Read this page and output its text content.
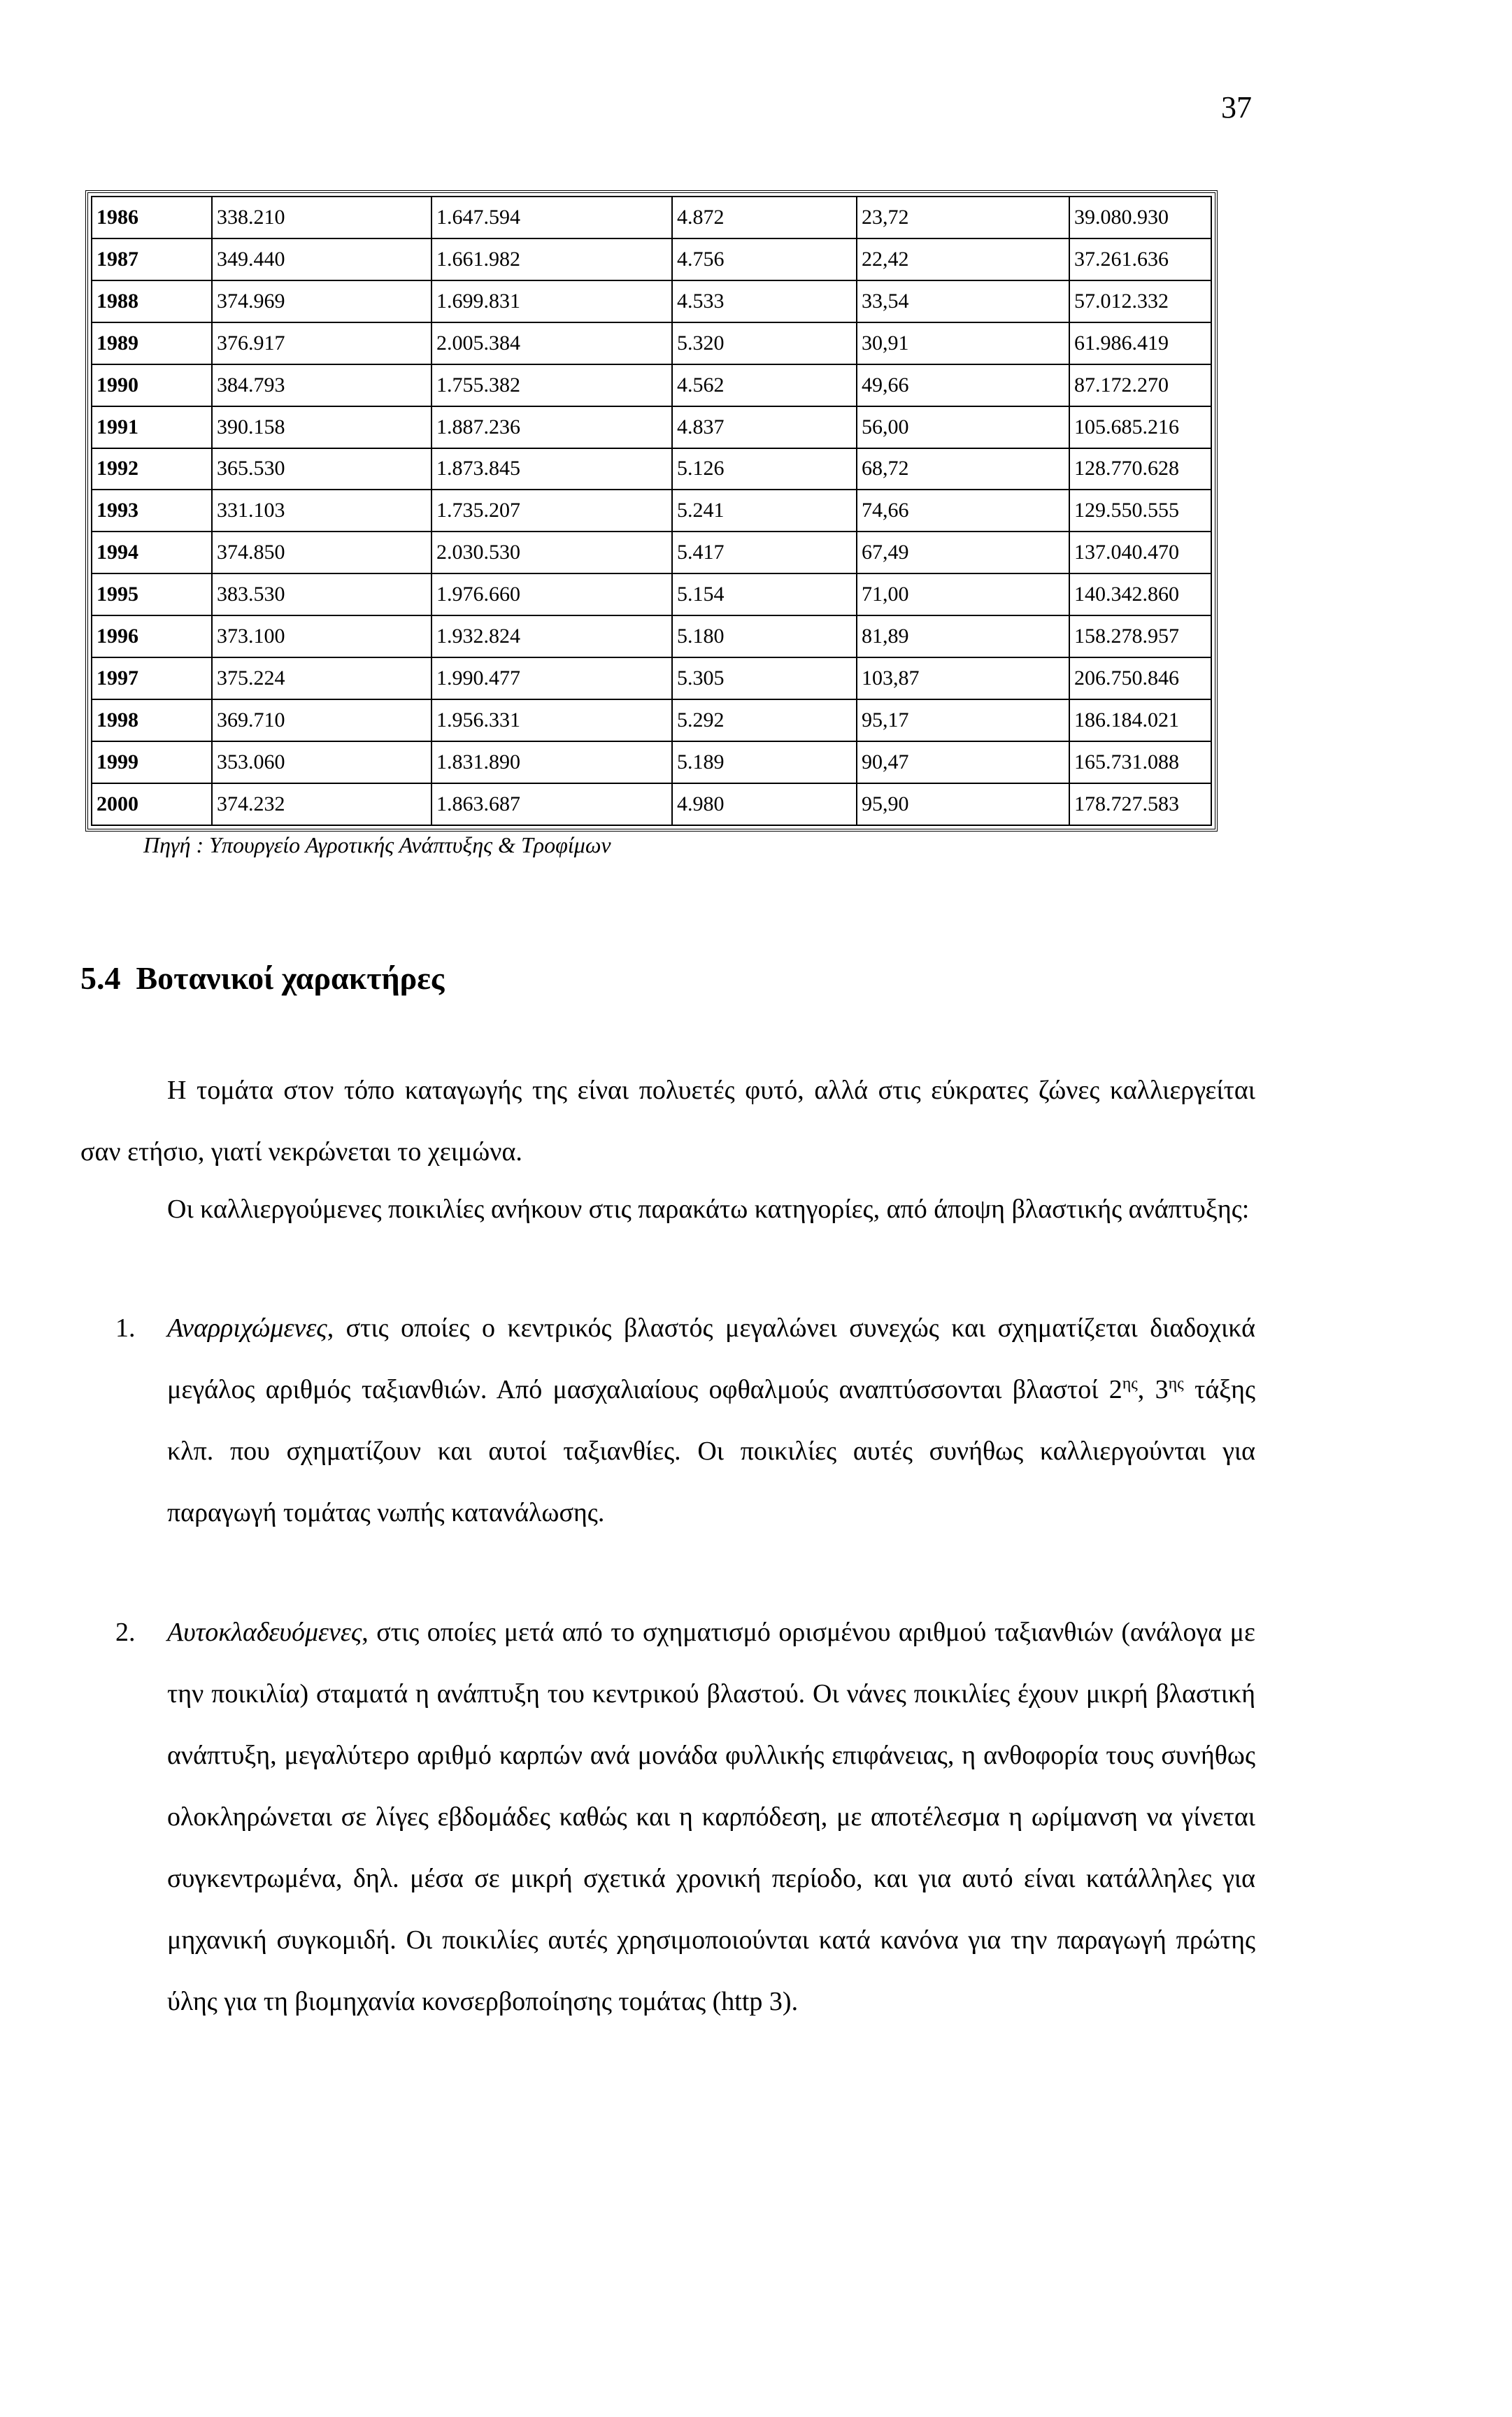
37
1986	338.210	1.647.594	4.872	23,72	39.080.930
1987	349.440	1.661.982	4.756	22,42	37.261.636
1988	374.969	1.699.831	4.533	33,54	57.012.332
1989	376.917	2.005.384	5.320	30,91	61.986.419
1990	384.793	1.755.382	4.562	49,66	87.172.270
1991	390.158	1.887.236	4.837	56,00	105.685.216
1992	365.530	1.873.845	5.126	68,72	128.770.628
1993	331.103	1.735.207	5.241	74,66	129.550.555
1994	374.850	2.030.530	5.417	67,49	137.040.470
1995	383.530	1.976.660	5.154	71,00	140.342.860
1996	373.100	1.932.824	5.180	81,89	158.278.957
1997	375.224	1.990.477	5.305	103,87	206.750.846
1998	369.710	1.956.331	5.292	95,17	186.184.021
1999	353.060	1.831.890	5.189	90,47	165.731.088
2000	374.232	1.863.687	4.980	95,90	178.727.583
Πηγή : Υπουργείο Αγροτικής Ανάπτυξης & Τροφίμων
5.4 Βοτανικοί χαρακτήρες

Η τομάτα στον τόπο καταγωγής της είναι πολυετές φυτό, αλλά στις εύκρατες ζώνες καλλιεργείται σαν ετήσιο, γιατί νεκρώνεται το χειμώνα.

Οι καλλιεργούμενες ποικιλίες ανήκουν στις παρακάτω κατηγορίες, από άποψη βλαστικής ανάπτυξης:

1. Αναρριχώμενες, στις οποίες ο κεντρικός βλαστός μεγαλώνει συνεχώς και σχηματίζεται διαδοχικά μεγάλος αριθμός ταξιανθιών. Από μασχαλιαίους οφθαλμούς αναπτύσσονται βλαστοί $2^{\eta\varsigma}$, $3^{\eta\varsigma}$ τάξης κλπ. που σχηματίζουν και αυτοί ταξιανθίες. Οι ποικιλίες αυτές συνήθως καλλιεργούνται για παραγωγή τομάτας νωπής κατανάλωσης.
2. Αυτοκλαδευόμενες, στις οποίες μετά από το σχηματισμό ορισμένου αριθμού ταξιανθιών (ανάλογα με την ποικιλία) σταματά η ανάπτυξη του κεντρικού βλαστού. Οι νάνες ποικιλίες έχουν μικρή βλαστική ανάπτυξη, μεγαλύτερο αριθμό καρπών ανά μονάδα φυλλικής επιφάνειας, η ανθοφορία τους συνήθως ολοκληρώνεται σε λίγες εβδομάδες καθώς και η καρπόδεση, με αποτέλεσμα η ωρίμανση να γίνεται συγκεντρωμένα, δηλ. μέσα σε μικρή σχετικά χρονική περίοδο, και για αυτό είναι κατάλληλες για μηχανική συγκομιδή. Οι ποικιλίες αυτές χρησιμοποιούνται κατά κανόνα για την παραγωγή πρώτης ύλης για τη βιομηχανία κονσερβοποίησης τομάτας (http 3).
